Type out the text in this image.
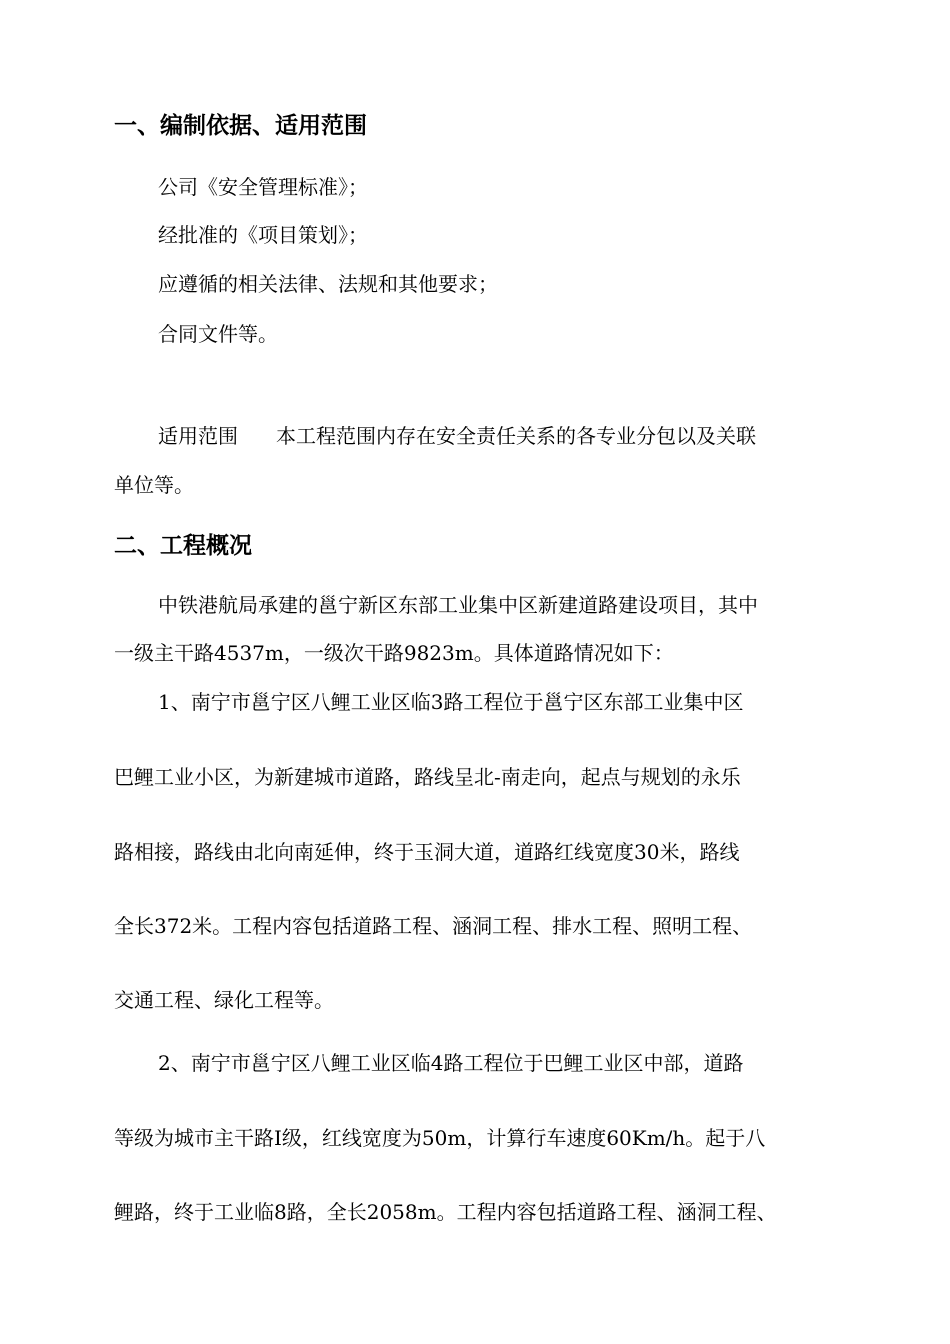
一、编制依据、适用范围

公司《安全管理标准》；

经批准的《项目策划》；

应遵循的相关法律、法规和其他要求；

合同文件等。

适用范围 本工程范围内存在安全责任关系的各专业分包以及关联

单位等。

二、工程概况

中铁港航局承建的邕宁新区东部工业集中区新建道路建设项目，其中

一级主干路4537m，一级次干路9823m。具体道路情况如下：

1、南宁市邕宁区八鲤工业区临3路工程位于邕宁区东部工业集中区

巴鲤工业小区，为新建城市道路，路线呈北-南走向，起点与规划的永乐

路相接，路线由北向南延伸，终于玉洞大道，道路红线宽度30米，路线

全长372米。工程内容包括道路工程、涵洞工程、排水工程、照明工程、

交通工程、绿化工程等。

2、南宁市邕宁区八鲤工业区临4路工程位于巴鲤工业区中部，道路

等级为城市主干路Ⅰ级，红线宽度为50m，计算行车速度60Km/h。起于八

鲤路，终于工业临8路，全长2058m。工程内容包括道路工程、涵洞工程、
